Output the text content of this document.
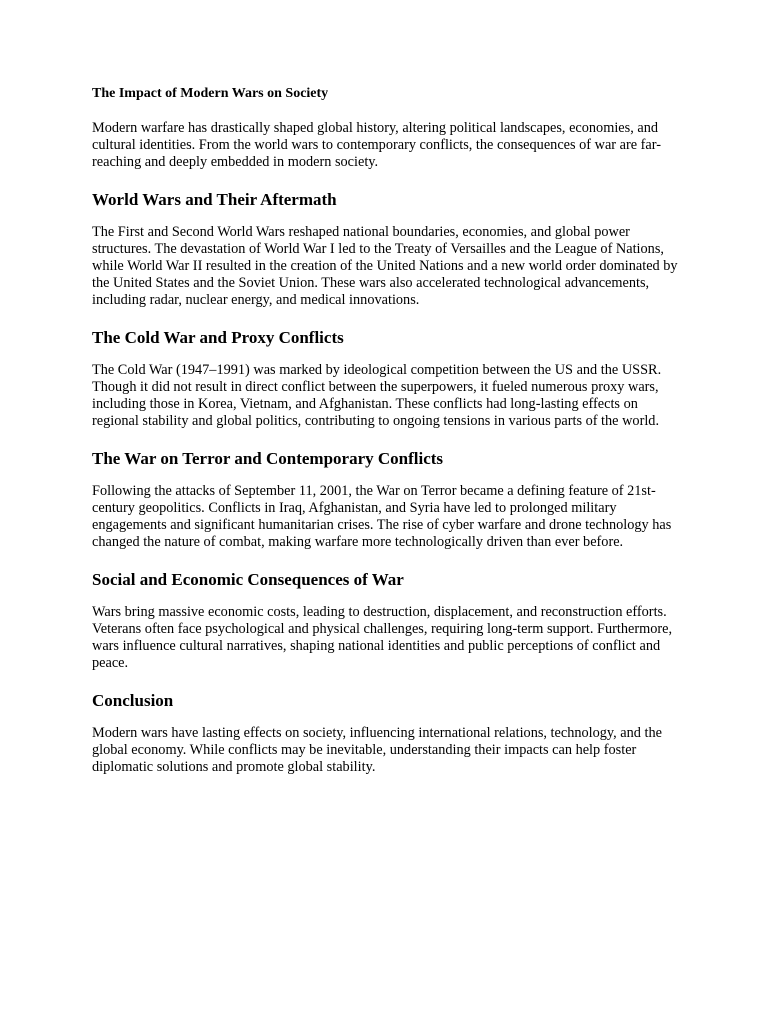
The Impact of Modern Wars on Society

Modern warfare has drastically shaped global history, altering political landscapes, economies, and cultural identities. From the world wars to contemporary conflicts, the consequences of war are far-reaching and deeply embedded in modern society.

World Wars and Their Aftermath

The First and Second World Wars reshaped national boundaries, economies, and global power structures. The devastation of World War I led to the Treaty of Versailles and the League of Nations, while World War II resulted in the creation of the United Nations and a new world order dominated by the United States and the Soviet Union. These wars also accelerated technological advancements, including radar, nuclear energy, and medical innovations.

The Cold War and Proxy Conflicts

The Cold War (1947–1991) was marked by ideological competition between the US and the USSR. Though it did not result in direct conflict between the superpowers, it fueled numerous proxy wars, including those in Korea, Vietnam, and Afghanistan. These conflicts had long-lasting effects on regional stability and global politics, contributing to ongoing tensions in various parts of the world.

The War on Terror and Contemporary Conflicts

Following the attacks of September 11, 2001, the War on Terror became a defining feature of 21st-century geopolitics. Conflicts in Iraq, Afghanistan, and Syria have led to prolonged military engagements and significant humanitarian crises. The rise of cyber warfare and drone technology has changed the nature of combat, making warfare more technologically driven than ever before.

Social and Economic Consequences of War

Wars bring massive economic costs, leading to destruction, displacement, and reconstruction efforts. Veterans often face psychological and physical challenges, requiring long-term support. Furthermore, wars influence cultural narratives, shaping national identities and public perceptions of conflict and peace.

Conclusion

Modern wars have lasting effects on society, influencing international relations, technology, and the global economy. While conflicts may be inevitable, understanding their impacts can help foster diplomatic solutions and promote global stability.
